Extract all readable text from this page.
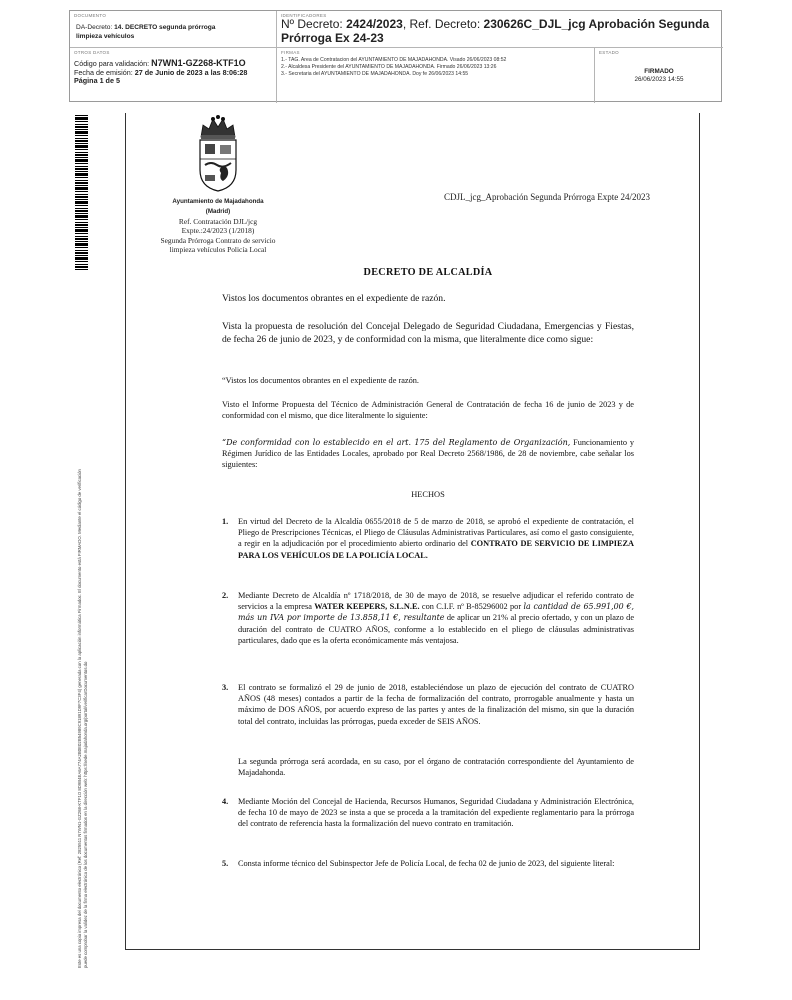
DOCUMENTO
DA-Decreto: 14. DECRETO segunda prórroga
limpieza vehículos
IDENTIFICADORES
Nº Decreto: 2424/2023, Ref. Decreto: 230626C_DJL_jcg Aprobación Segunda Prórroga Ex 24-23
OTROS DATOS
Código para validación: N7WN1-GZ268-KTF1O
Fecha de emisión: 27 de Junio de 2023 a las 8:06:28
Página 1 de 5
FIRMAS
1.- TAG. Area de Contratacion del AYUNTAMIENTO DE MAJADAHONDA. Visado 26/06/2023 08:52
2.- Alcaldesa Presidente del AYUNTAMIENTO DE MAJADAHONDA. Firmado 26/06/2023 13:26
3.- Secretaria del AYUNTAMIENTO DE MAJADAHONDA. Doy fe 26/06/2023 14:55
ESTADO
FIRMADO
26/06/2023 14:55
Este es una copia impresa del documento electrónico (Ref: 2825511 N7WN1-GZ268-KTF1O 8D9B4EA6A774A2B0E02B54989C91891D9F7C3F4) generada con la aplicación informática Firmadoc. El documento está FIRMADO. Mediante el código de verificación puede comprobar la validez de la firma electrónica de los documentos firmados en la dirección web: https://sede.majadahonda.org/portal/verificarDocumentos.do
Ayuntamiento de Majadahonda
(Madrid)
Ref. Contratación DJL/jcg
Expte.:24/2023 (1/2018)
Segunda Prórroga Contrato de servicio
limpieza vehículos Policía Local
CDJL_jcg_Aprobación Segunda Prórroga Expte 24/2023
DECRETO DE ALCALDÍA
Vistos los documentos obrantes en el expediente de razón.
Vista la propuesta de resolución del Concejal Delegado de Seguridad Ciudadana, Emergencias y Fiestas, de fecha 26 de junio de 2023, y de conformidad con la misma, que literalmente dice como sigue:
“Vistos los documentos obrantes en el expediente de razón.
Visto el Informe Propuesta del Técnico de Administración General de Contratación de fecha 16 de junio de 2023 y de conformidad con el mismo, que dice literalmente lo siguiente:
“De conformidad con lo establecido en el art. 175 del Reglamento de Organización, Funcionamiento y Régimen Jurídico de las Entidades Locales, aprobado por Real Decreto 2568/1986, de 28 de noviembre, cabe señalar los siguientes:
HECHOS
1. En virtud del Decreto de la Alcaldía 0655/2018 de 5 de marzo de 2018, se aprobó el expediente de contratación, el Pliego de Prescripciones Técnicas, el Pliego de Cláusulas Administrativas Particulares, así como el gasto consiguiente, a regir en la adjudicación por el procedimiento abierto ordinario del CONTRATO DE SERVICIO DE LIMPIEZA PARA LOS VEHÍCULOS DE LA POLICÍA LOCAL.
2. Mediante Decreto de Alcaldía nº 1718/2018, de 30 de mayo de 2018, se resuelve adjudicar el referido contrato de servicios a la empresa WATER KEEPERS, S.L.N.E. con C.I.F. nº B-85296002 por la cantidad de 65.991,00 €, más un IVA por importe de 13.858,11 €, resultante de aplicar un 21% al precio ofertado, y con un plazo de duración del contrato de CUATRO AÑOS, conforme a lo establecido en el pliego de cláusulas administrativas particulares, dado que es la oferta económicamente más ventajosa.
3. El contrato se formalizó el 29 de junio de 2018, estableciéndose un plazo de ejecución del contrato de CUATRO AÑOS (48 meses) contados a partir de la fecha de formalización del contrato, prorrogable anualmente y hasta un máximo de DOS AÑOS, por acuerdo expreso de las partes y antes de la finalización del mismo, sin que la duración total del contrato, incluidas las prórrogas, pueda exceder de SEIS AÑOS.
La segunda prórroga será acordada, en su caso, por el órgano de contratación correspondiente del Ayuntamiento de Majadahonda.
4. Mediante Moción del Concejal de Hacienda, Recursos Humanos, Seguridad Ciudadana y Administración Electrónica, de fecha 10 de mayo de 2023 se insta a que se proceda a la tramitación del expediente reglamentario para la prórroga del contrato de referencia hasta la formalización del nuevo contrato en tramitación.
5. Consta informe técnico del Subinspector Jefe de Policía Local, de fecha 02 de junio de 2023, del siguiente literal:
